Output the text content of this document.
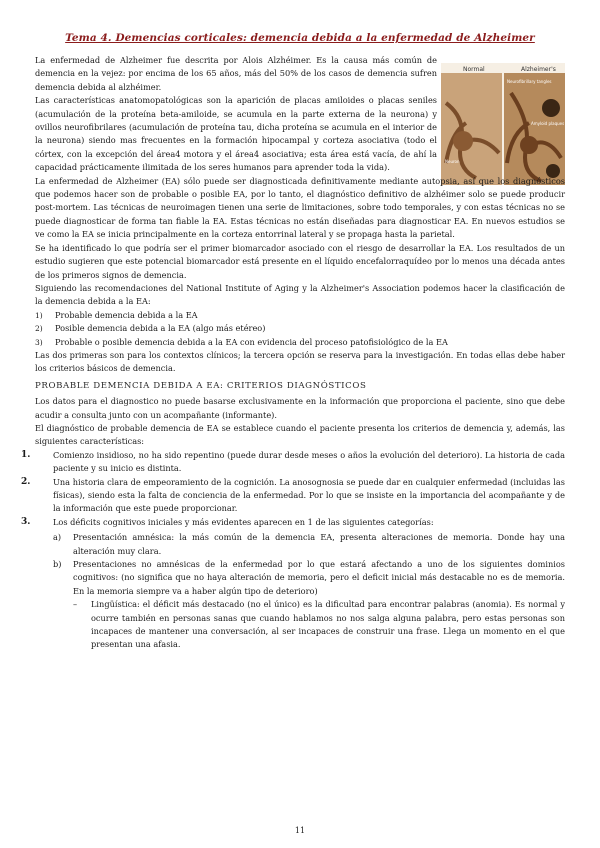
Tema 4. Demencias corticales: demencia debida a la enfermedad de Alzheimer
Normal	Alzheimer's
Neurofibrillary tangles
Amyloid plaques
Neuron

La enfermedad de Alzheimer fue descrita por Alois Alzhéimer. Es la causa más común de demencia en la vejez: por encima de los 65 años, más del 50% de los casos de demencia sufren demencia debida al alzhéimer.

Las características anatomopatológicas son la aparición de placas amiloides o placas seniles (acumulación de la proteína beta-amiloide, se acumula en la parte externa de la neurona) y ovillos neurofibrilares (acumulación de proteína tau, dicha proteína se acumula en el interior de la neurona) siendo mas frecuentes en la formación hipocampal y corteza asociativa (todo el córtex, con la excepción del área4 motora y el área4 asociativa; esta área está vacía, de ahí la capacidad prácticamente ilimitada de los seres humanos para aprender toda la vida).

La enfermedad de Alzheimer (EA) sólo puede ser diagnosticada definitivamente mediante autopsia, así que los diagnósticos que podemos hacer son de probable o posible EA, por lo tanto, el diagnóstico definitivo de alzhéimer solo se puede producir post-mortem. Las técnicas de neuroimagen tienen una serie de limitaciones, sobre todo temporales, y con estas técnicas no se puede diagnosticar de forma tan fiable la EA. Estas técnicas no están diseñadas para diagnosticar EA. En nuevos estudios se ve como la EA se inicia principalmente en la corteza entorrinal lateral y se propaga hasta la parietal.

Se ha identificado lo que podría ser el primer biomarcador asociado con el riesgo de desarrollar la EA. Los resultados de un estudio sugieren que este potencial biomarcador está presente en el líquido encefalorraquídeo por lo menos una década antes de los primeros signos de demencia.

Siguiendo las recomendaciones del National Institute of Aging y la Alzheimer's Association podemos hacer la clasificación de la demencia debida a la EA:

1) Probable demencia debida a la EA
2) Posible demencia debida a la EA (algo más etéreo)
3) Probable o posible demencia debida a la EA con evidencia del proceso patofisiológico de la EA

Las dos primeras son para los contextos clínicos; la tercera opción se reserva para la investigación. En todas ellas debe haber los criterios básicos de demencia.

PROBABLE DEMENCIA DEBIDA A EA: CRITERIOS DIAGNÓSTICOS

Los datos para el diagnostico no puede basarse exclusivamente en la información que proporciona el paciente, sino que debe acudir a consulta junto con un acompañante (informante).

El diagnóstico de probable demencia de EA se establece cuando el paciente presenta los criterios de demencia y, además, las siguientes características:

1.	Comienzo insidioso, no ha sido repentino (puede durar desde meses o años la evolución del deterioro). La historia de cada paciente y su inicio es distinta.
2.	Una historia clara de empeoramiento de la cognición. La anosognosia se puede dar en cualquier enfermedad (incluidas las físicas), siendo esta la falta de conciencia de la enfermedad. Por lo que se insiste en la importancia del acompañante y de la información que este puede proporcionar.
3.	Los déficits cognitivos iniciales y más evidentes aparecen en 1 de las siguientes categorías:
a) Presentación amnésica: la más común de la demencia EA, presenta alteraciones de memoria. Donde hay una alteración muy clara.
b) Presentaciones no amnésicas de la enfermedad por lo que estará afectando a uno de los siguientes dominios cognitivos: (no significa que no haya alteración de memoria, pero el deficit inicial más destacable no es de memoria. En la memoria siempre va a haber algún tipo de deterioro)
– Lingüística: el déficit más destacado (no el único) es la dificultad para encontrar palabras (anomia). Es normal y ocurre también en personas sanas que cuando hablamos no nos salga alguna palabra, pero estas personas son incapaces de mantener una conversación, al ser incapaces de construir una frase. Llega un momento en el que presentan una afasia.
11
